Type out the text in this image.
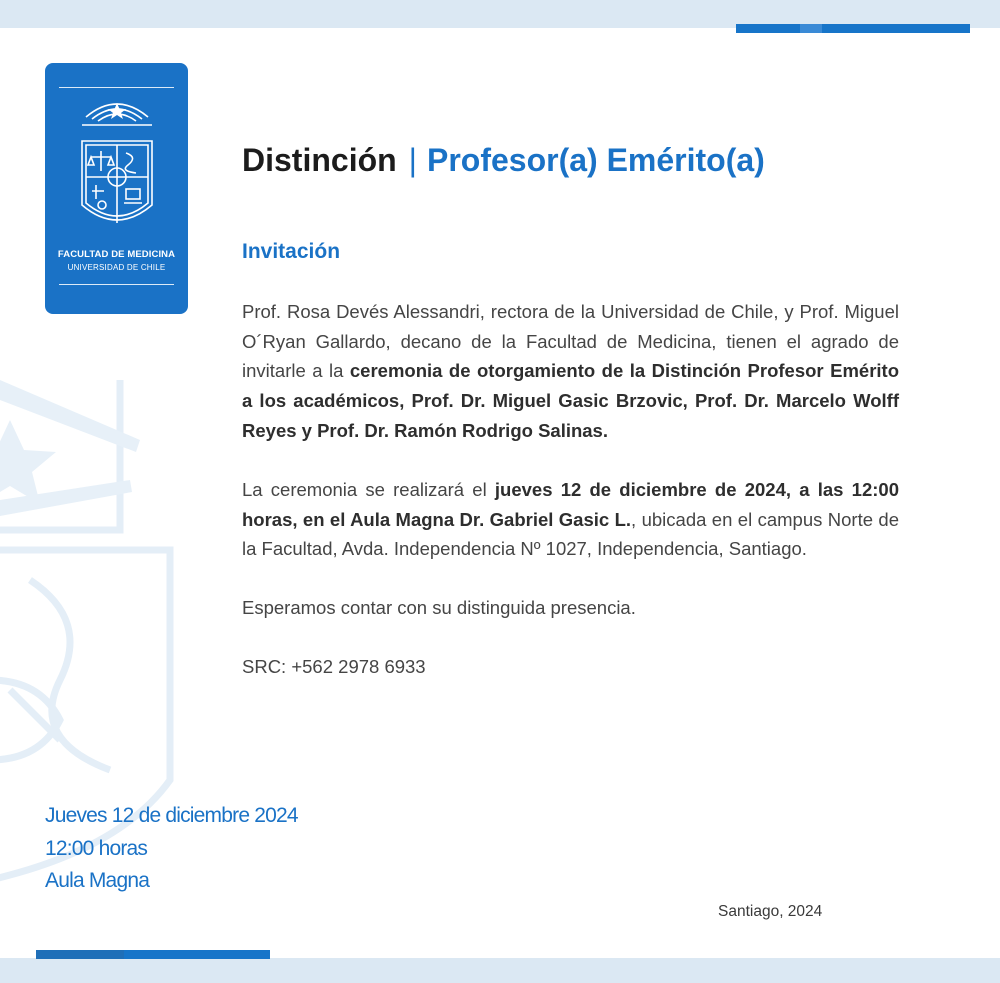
FACULTAD DE MEDICINA
UNIVERSIDAD DE CHILE
Distinción | Profesor(a) Emérito(a)
Invitación
Prof. Rosa Devés Alessandri, rectora de la Universidad de Chile, y Prof. Miguel O´Ryan Gallardo, decano de la Facultad de Medicina, tienen el agrado de invitarle a la ceremonia de otorgamiento de la Distinción Profesor Emérito a los académicos, Prof. Dr. Miguel Gasic Brzovic, Prof. Dr. Marcelo Wolff Reyes y Prof. Dr. Ramón Rodrigo Salinas.
La ceremonia se realizará el jueves 12 de diciembre de 2024, a las 12:00 horas, en el Aula Magna Dr. Gabriel Gasic L., ubicada en el campus Norte de la Facultad, Avda. Independencia Nº 1027, Independencia, Santiago.
Esperamos contar con su distinguida presencia.
SRC: +562 2978 6933
Jueves 12 de diciembre 2024
12:00 horas
Aula Magna
Santiago, 2024
